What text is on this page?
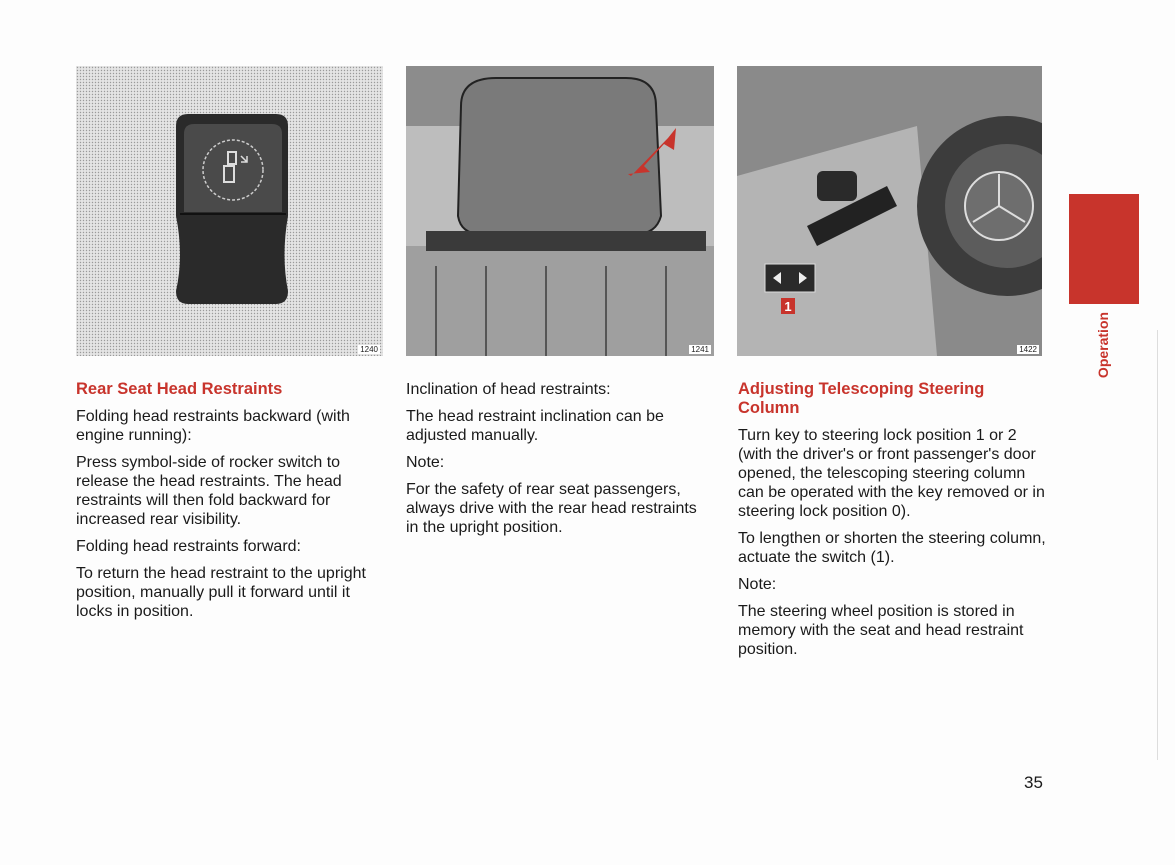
1240	1241
1
1422

Rear Seat Head Restraints

Folding head restraints backward (with engine running):

Press symbol-side of rocker switch to release the head restraints. The head restraints will then fold backward for increased rear visibility.

Folding head restraints forward:

To return the head restraint to the upright position, manually pull it forward until it locks in position.

Inclination of head restraints:

The head restraint inclination can be adjusted manually.

Note:

For the safety of rear seat passengers, always drive with the rear head restraints in the upright position.

Adjusting Telescoping Steering Column

Turn key to steering lock position 1 or 2 (with the driver's or front passenger's door opened, the telescoping steering column can be operated with the key removed or in steering lock position 0).

To lengthen or shorten the steering column, actuate the switch (1).

Note:

The steering wheel position is stored in memory with the seat and head restraint position.

Operation
35
